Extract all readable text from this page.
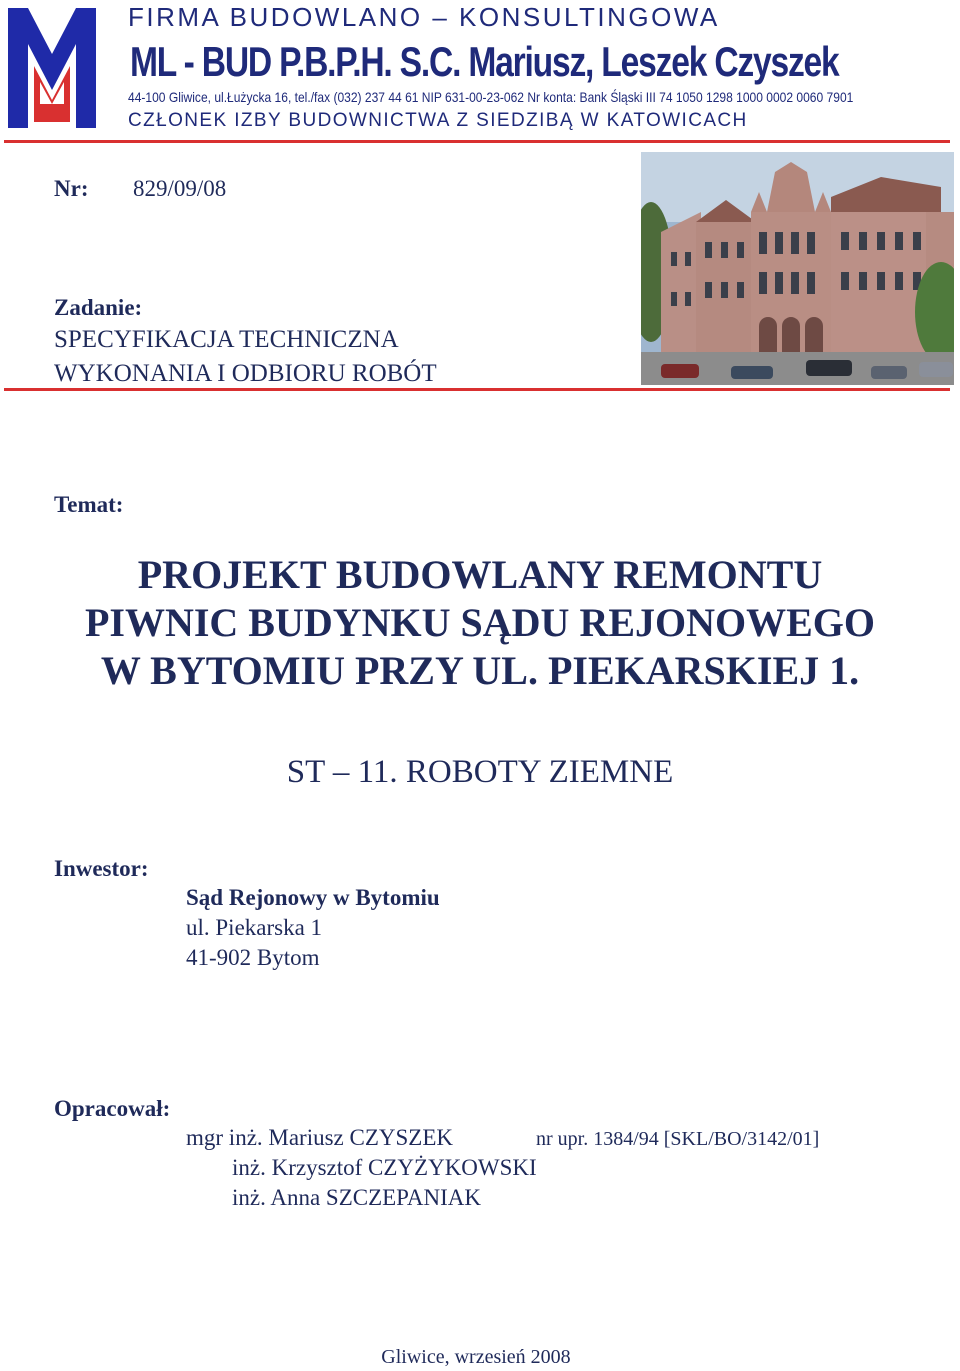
FIRMA BUDOWLANO – KONSULTINGOWA
ML - BUD P.B.P.H. S.C. Mariusz, Leszek Czyszek
44-100 Gliwice, ul.Łużycka 16, tel./fax (032) 237 44 61 NIP 631-00-23-062 Nr konta: Bank Śląski III 74 1050 1298 1000 0002 0060 7901
CZŁONEK IZBY BUDOWNICTWA Z SIEDZIBĄ W KATOWICACH
Nr: 829/09/08
Zadanie:
SPECYFIKACJA TECHNICZNA
WYKONANIA I ODBIORU ROBÓT
Temat:
PROJEKT BUDOWLANY REMONTU
PIWNIC BUDYNKU SĄDU REJONOWEGO
W BYTOMIU PRZY UL. PIEKARSKIEJ 1.
ST – 11. ROBOTY ZIEMNE
Inwestor:
Sąd Rejonowy w Bytomiu
ul. Piekarska 1
41-902 Bytom
Opracował:
mgr inż. Mariusz CZYSZEK	nr upr. 1384/94 [SKL/BO/3142/01]
inż. Krzysztof CZYŻYKOWSKI
inż. Anna SZCZEPANIAK
Gliwice, wrzesień 2008
